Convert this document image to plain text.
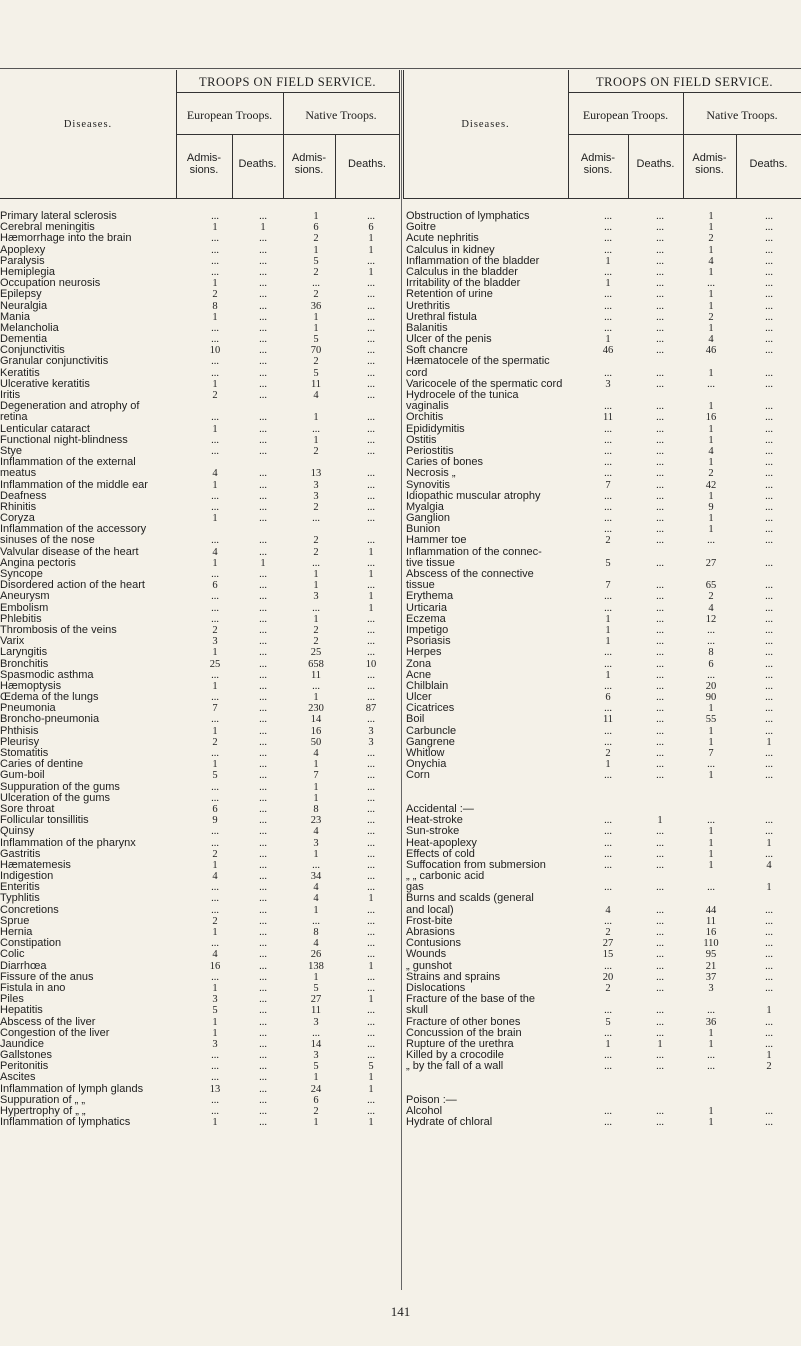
TROOPS ON FIELD SERVICE.
Diseases.
European Troops.	Native Troops.
Admis- sions.	Deaths.	Admis- sions.	Deaths.
Primary lateral sclerosis	...	...	1	...
Cerebral meningitis	1	1	6	6
Hæmorrhage into the brain	...	...	2	1
Apoplexy	...	...	1	1
Paralysis	...	...	5	...
Hemiplegia	...	...	2	1
Occupation neurosis	1	...	...	...
Epilepsy	2	...	2	...
Neuralgia	8	...	36	...
Mania	1	...	1	...
Melancholia	...	...	1	...
Dementia	...	...	5	...
Conjunctivitis	10	...	70	...
Granular conjunctivitis	...	...	2	...
Keratitis	...	...	5	...
Ulcerative keratitis	1	...	11	...
Iritis	2	...	4	...
Degeneration and atrophy of
retina	...	...	1	...
Lenticular cataract	1	...	...	...
Functional night-blindness	...	...	1	...
Stye	...	...	2	...
Inflammation of the external
meatus	4	...	13	...
Inflammation of the middle ear	1	...	3	...
Deafness	...	...	3	...
Rhinitis	...	...	2	...
Coryza	1	...	...	...
Inflammation of the accessory
sinuses of the nose	...	...	2	...
Valvular disease of the heart	4	...	2	1
Angina pectoris	1	1	...	...
Syncope	...	...	1	1
Disordered action of the heart	6	...	1	...
Aneurysm	...	...	3	1
Embolism	...	...	...	1
Phlebitis	...	...	1	...
Thrombosis of the veins	2	...	2	...
Varix	3	...	2	...
Laryngitis	1	...	25	...
Bronchitis	25	...	658	10
Spasmodic asthma	...	...	11	...
Hæmoptysis	1	...	...	...
Œdema of the lungs	...	...	1	...
Pneumonia	7	...	230	87
Broncho-pneumonia	...	...	14	...
Phthisis	1	...	16	3
Pleurisy	2	...	50	3
Stomatitis	...	...	4	...
Caries of dentine	1	...	1	...
Gum-boil	5	...	7	...
Suppuration of the gums	...	...	1	...
Ulceration of the gums	...	...	1	...
Sore throat	6	...	8	...
Follicular tonsillitis	9	...	23	...
Quinsy	...	...	4	...
Inflammation of the pharynx	...	...	3	...
Gastritis	2	...	1	...
Hæmatemesis	1	...	...	...
Indigestion	4	...	34	...
Enteritis	...	...	4	...
Typhlitis	...	...	4	1
Concretions	...	...	1	...
Sprue	2	...	...	...
Hernia	1	...	8	...
Constipation	...	...	4	...
Colic	4	...	26	...
Diarrhœa	16	...	138	1
Fissure of the anus	...	...	1	...
Fistula in ano	1	...	5	...
Piles	3	...	27	1
Hepatitis	5	...	11	...
Abscess of the liver	1	...	3	...
Congestion of the liver	1	...	...	...
Jaundice	3	...	14	...
Gallstones	...	...	3	...
Peritonitis	...	...	5	5
Ascites	...	...	1	1
Inflammation of lymph glands	13	...	24	1
Suppuration of „ „	...	...	6	...
Hypertrophy of „ „	...	...	2	...
Inflammation of lymphatics	1	...	1	1
TROOPS ON FIELD SERVICE.
Diseases.
European Troops.	Native Troops.
Admis- sions.	Deaths.	Admis- sions.	Deaths.
Obstruction of lymphatics	...	...	1	...
Goitre	...	...	1	...
Acute nephritis	...	...	2	...
Calculus in kidney	...	...	1	...
Inflammation of the bladder	1	...	4	...
Calculus in the bladder	...	...	1	...
Irritability of the bladder	1	...	...	...
Retention of urine	...	...	1	...
Urethritis	...	...	1	...
Urethral fistula	...	...	2	...
Balanitis	...	...	1	...
Ulcer of the penis	1	...	4	...
Soft chancre	46	...	46	...
Hæmatocele of the spermatic
cord	...	...	1	...
Varicocele of the spermatic cord	3	...	...	...
Hydrocele of the tunica
vaginalis	...	...	1	...
Orchitis	11	...	16	...
Epididymitis	...	...	1	...
Ostitis	...	...	1	...
Periostitis	...	...	4	...
Caries of bones	...	...	1	...
Necrosis „	...	...	2	...
Synovitis	7	...	42	...
Idiopathic muscular atrophy	...	...	1	...
Myalgia	...	...	9	...
Ganglion	...	...	1	...
Bunion	...	...	1	...
Hammer toe	2	...	...	...
Inflammation of the connec-
tive tissue	5	...	27	...
Abscess of the connective
tissue	7	...	65	...
Erythema	...	...	2	...
Urticaria	...	...	4	...
Eczema	1	...	12	...
Impetigo	1	...	...	...
Psoriasis	1	...	...	...
Herpes	...	...	8	...
Zona	...	...	6	...
Acne	1	...	...	...
Chilblain	...	...	20	...
Ulcer	6	...	90	...
Cicatrices	...	...	1	...
Boil	11	...	55	...
Carbuncle	...	...	1	...
Gangrene	...	...	1	1
Whitlow	2	...	7	...
Onychia	1	...	...	...
Corn	...	...	1	...
Accidental :—
Heat-stroke	...	1	...	...
Sun-stroke	...	...	1	...
Heat-apoplexy	...	...	1	1
Effects of cold	...	...	1	...
Suffocation from submersion	...	...	1	4
„ „ carbonic acid
gas	...	...	...	1
Burns and scalds (general
and local)	4	...	44	...
Frost-bite	...	...	11	...
Abrasions	2	...	16	...
Contusions	27	...	110	...
Wounds	15	...	95	...
„ gunshot	...	...	21	...
Strains and sprains	20	...	37	...
Dislocations	2	...	3	...
Fracture of the base of the
skull	...	...	...	1
Fracture of other bones	5	...	36	...
Concussion of the brain	...	...	1	...
Rupture of the urethra	1	1	1	...
Killed by a crocodile	...	...	...	1
„ by the fall of a wall	...	...	...	2
Poison :—
Alcohol	...	...	1	...
Hydrate of chloral	...	...	1	...
141
